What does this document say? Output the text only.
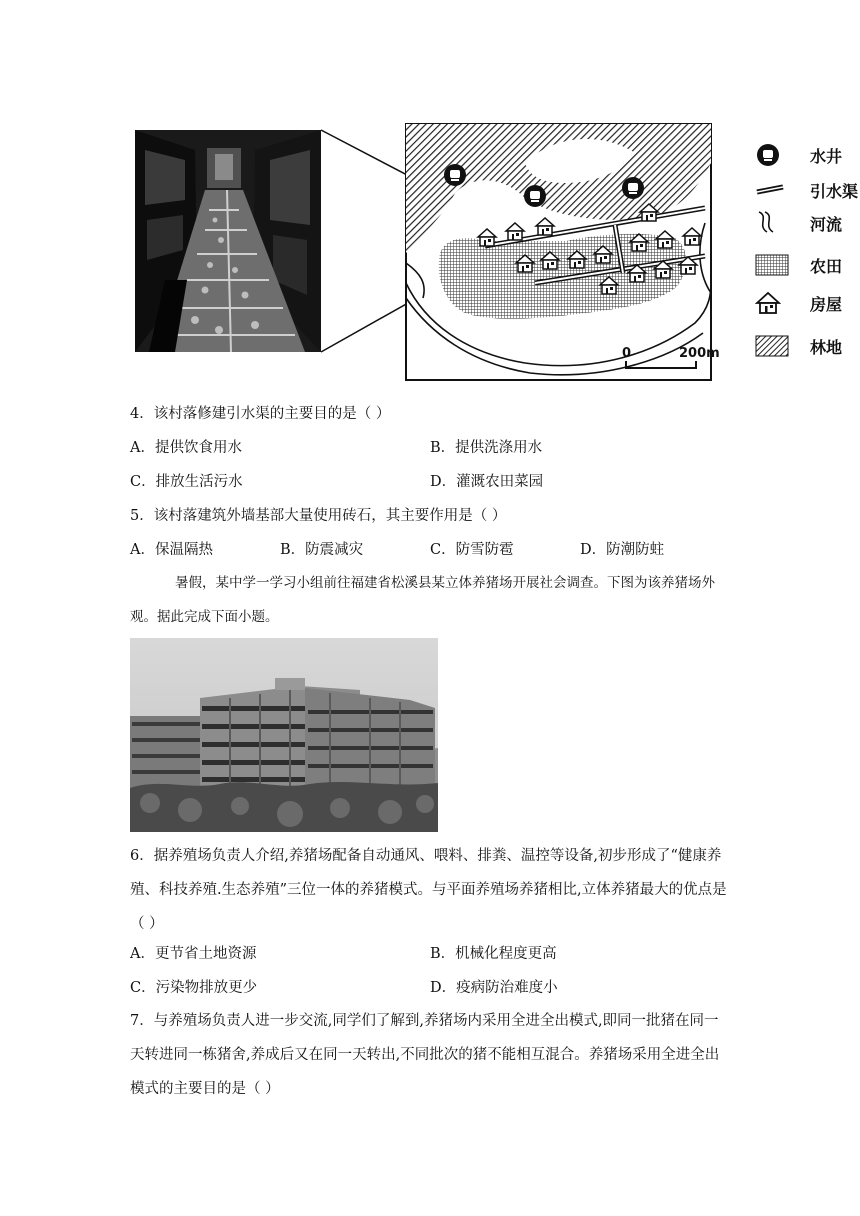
0	200m
水井
引水渠
河流
农田
房屋
林地
4．该村落修建引水渠的主要目的是（ ）
A．提供饮食用水	B．提供洗涤用水
C．排放生活污水	D．灌溉农田菜园
5．该村落建筑外墙基部大量使用砖石，其主要作用是（ ）
A．保温隔热	B．防震减灾	C．防雪防雹	D．防潮防蛀
暑假，某中学一学习小组前往福建省松溪县某立体养猪场开展社会调查。下图为该养猪场外观。据此完成下面小题。
6．据养殖场负责人介绍,养猪场配备自动通风、喂料、排粪、温控等设备,初步形成了“健康养殖、科技养殖.生态养殖”三位一体的养猪模式。与平面养殖场养猪相比,立体养猪最大的优点是（ ）
A．更节省土地资源	B．机械化程度更高
C．污染物排放更少	D．疫病防治难度小
7．与养殖场负责人进一步交流,同学们了解到,养猪场内采用全进全出模式,即同一批猪在同一天转进同一栋猪舍,养成后又在同一天转出,不同批次的猪不能相互混合。养猪场采用全进全出模式的主要目的是（ ）
